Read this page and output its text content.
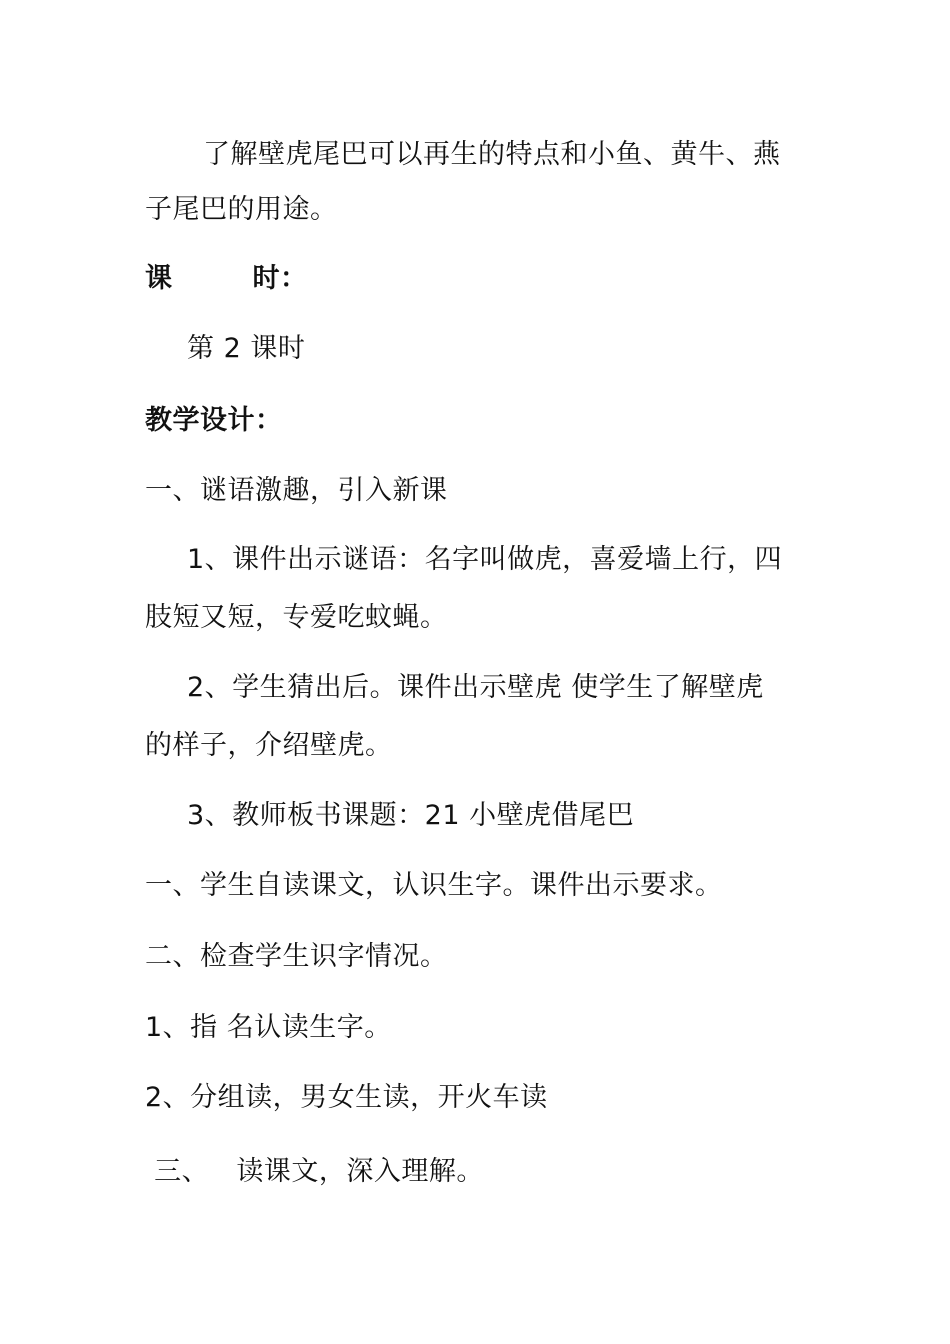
了解壁虎尾巴可以再生的特点和小鱼、黄牛、燕
子尾巴的用途。
课	时：
第 2 课时
教学设计：
一、谜语激趣，引入新课
1、课件出示谜语：名字叫做虎，喜爱墙上行，四
肢短又短，专爱吃蚊蝇。
2、学生猜出后。课件出示壁虎 使学生了解壁虎
的样子，介绍壁虎。
3、教师板书课题：21 小壁虎借尾巴
一、学生自读课文，认识生字。课件出示要求。
二、检查学生识字情况。
1、指 名认读生字。
2、分组读，男女生读，开火车读
三、   读课文，深入理解。
